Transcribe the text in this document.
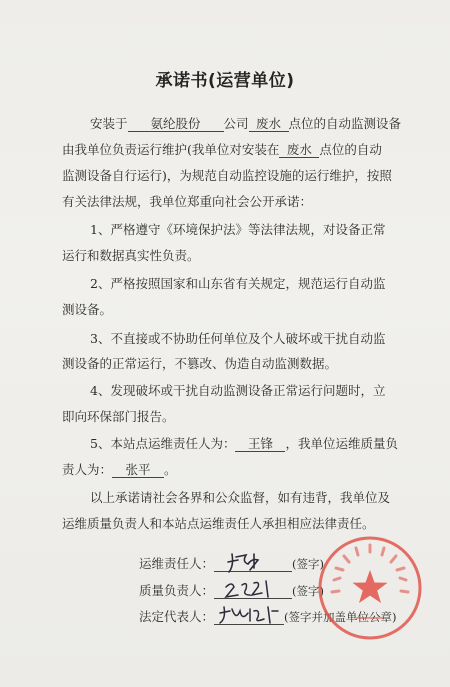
承诺书(运营单位)
安装于 氨纶股份 公司 废水 点位的自动监测设备
由我单位负责运行维护(我单位对安装在 废水 点位的自动
监测设备自行运行)，为规范自动监控设施的运行维护，按照
有关法律法规，我单位郑重向社会公开承诺：
1、严格遵守《环境保护法》等法律法规，对设备正常
运行和数据真实性负责。
2、严格按照国家和山东省有关规定，规范运行自动监
测设备。
3、不直接或不协助任何单位及个人破坏或干扰自动监
测设备的正常运行，不篡改、伪造自动监测数据。
4、发现破坏或干扰自动监测设备正常运行问题时，立
即向环保部门报告。
5、本站点运维责任人为： 王锋 ，我单位运维质量负
责人为： 张平 。
以上承诺请社会各界和公众监督，如有违背，我单位及
运维质量负责人和本站点运维责任人承担相应法律责任。
运维责任人：	(签字)
质量负责人：	(签字)
法定代表人：	(签字并加盖单位公章)
